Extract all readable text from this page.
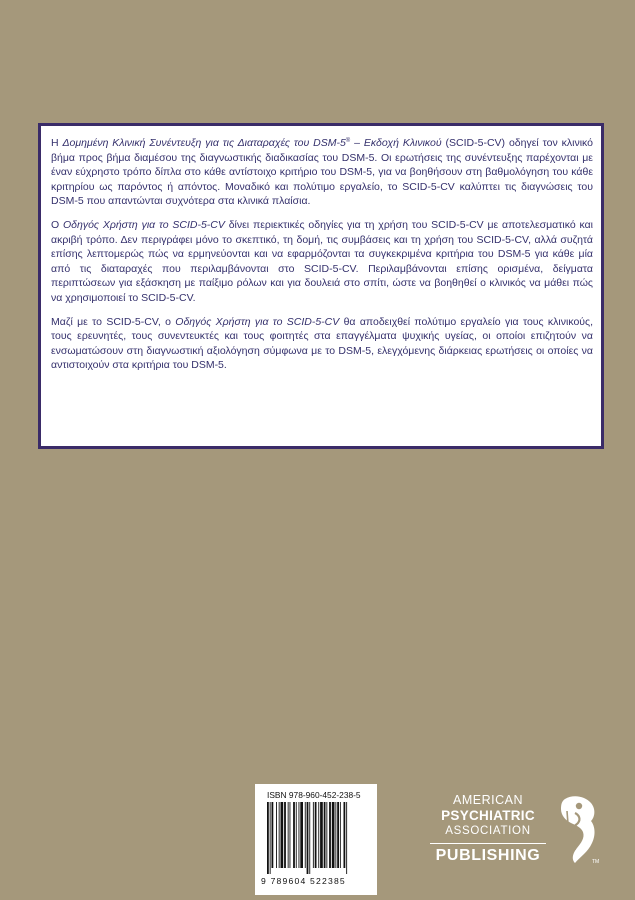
Η Δομημένη Κλινική Συνέντευξη για τις Διαταραχές του DSM-5® – Εκδοχή Κλινικού (SCID-5-CV) οδηγεί τον κλινικό βήμα προς βήμα διαμέσου της διαγνωστικής διαδικασίας του DSM-5. Οι ερωτήσεις της συνέντευξης παρέχονται με έναν εύχρηστο τρόπο δίπλα στο κάθε αντίστοιχο κριτήριο του DSM-5, για να βοηθήσουν στη βαθμολόγηση του κάθε κριτηρίου ως παρόντος ή απόντος. Μοναδικό και πολύτιμο εργαλείο, το SCID-5-CV καλύπτει τις διαγνώσεις του DSM-5 που απαντώνται συχνότερα στα κλινικά πλαίσια.

Ο Οδηγός Χρήστη για το SCID-5-CV δίνει περιεκτικές οδηγίες για τη χρήση του SCID-5-CV με αποτελεσματικό και ακριβή τρόπο. Δεν περιγράφει μόνο το σκεπτικό, τη δομή, τις συμβάσεις και τη χρήση του SCID-5-CV, αλλά συζητά επίσης λεπτομερώς πώς να ερμηνεύονται και να εφαρμόζονται τα συγκεκριμένα κριτήρια του DSM-5 για κάθε μία από τις διαταραχές που περιλαμβάνονται στο SCID-5-CV. Περιλαμβάνονται επίσης ορισμένα, δείγματα περιπτώσεων για εξάσκηση με παίξιμο ρόλων και για δουλειά στο σπίτι, ώστε να βοηθηθεί ο κλινικός να μάθει πώς να χρησιμοποιεί το SCID-5-CV.

Μαζί με το SCID-5-CV, ο Οδηγός Χρήστη για το SCID-5-CV θα αποδειχθεί πολύτιμο εργαλείο για τους κλινικούς, τους ερευνητές, τους συνεντευκτές και τους φοιτητές στα επαγγέλματα ψυχικής υγείας, οι οποίοι επιζητούν να ενσωματώσουν στη διαγνωστική αξιολόγηση σύμφωνα με το DSM-5, ελεγχόμενης διάρκειας ερωτήσεις οι οποίες να αντιστοιχούν στα κριτήρια του DSM-5.

ISBN 978-960-452-238-5
9 789604 522385
AMERICAN
PSYCHIATRIC
ASSOCIATION
PUBLISHING	TM
